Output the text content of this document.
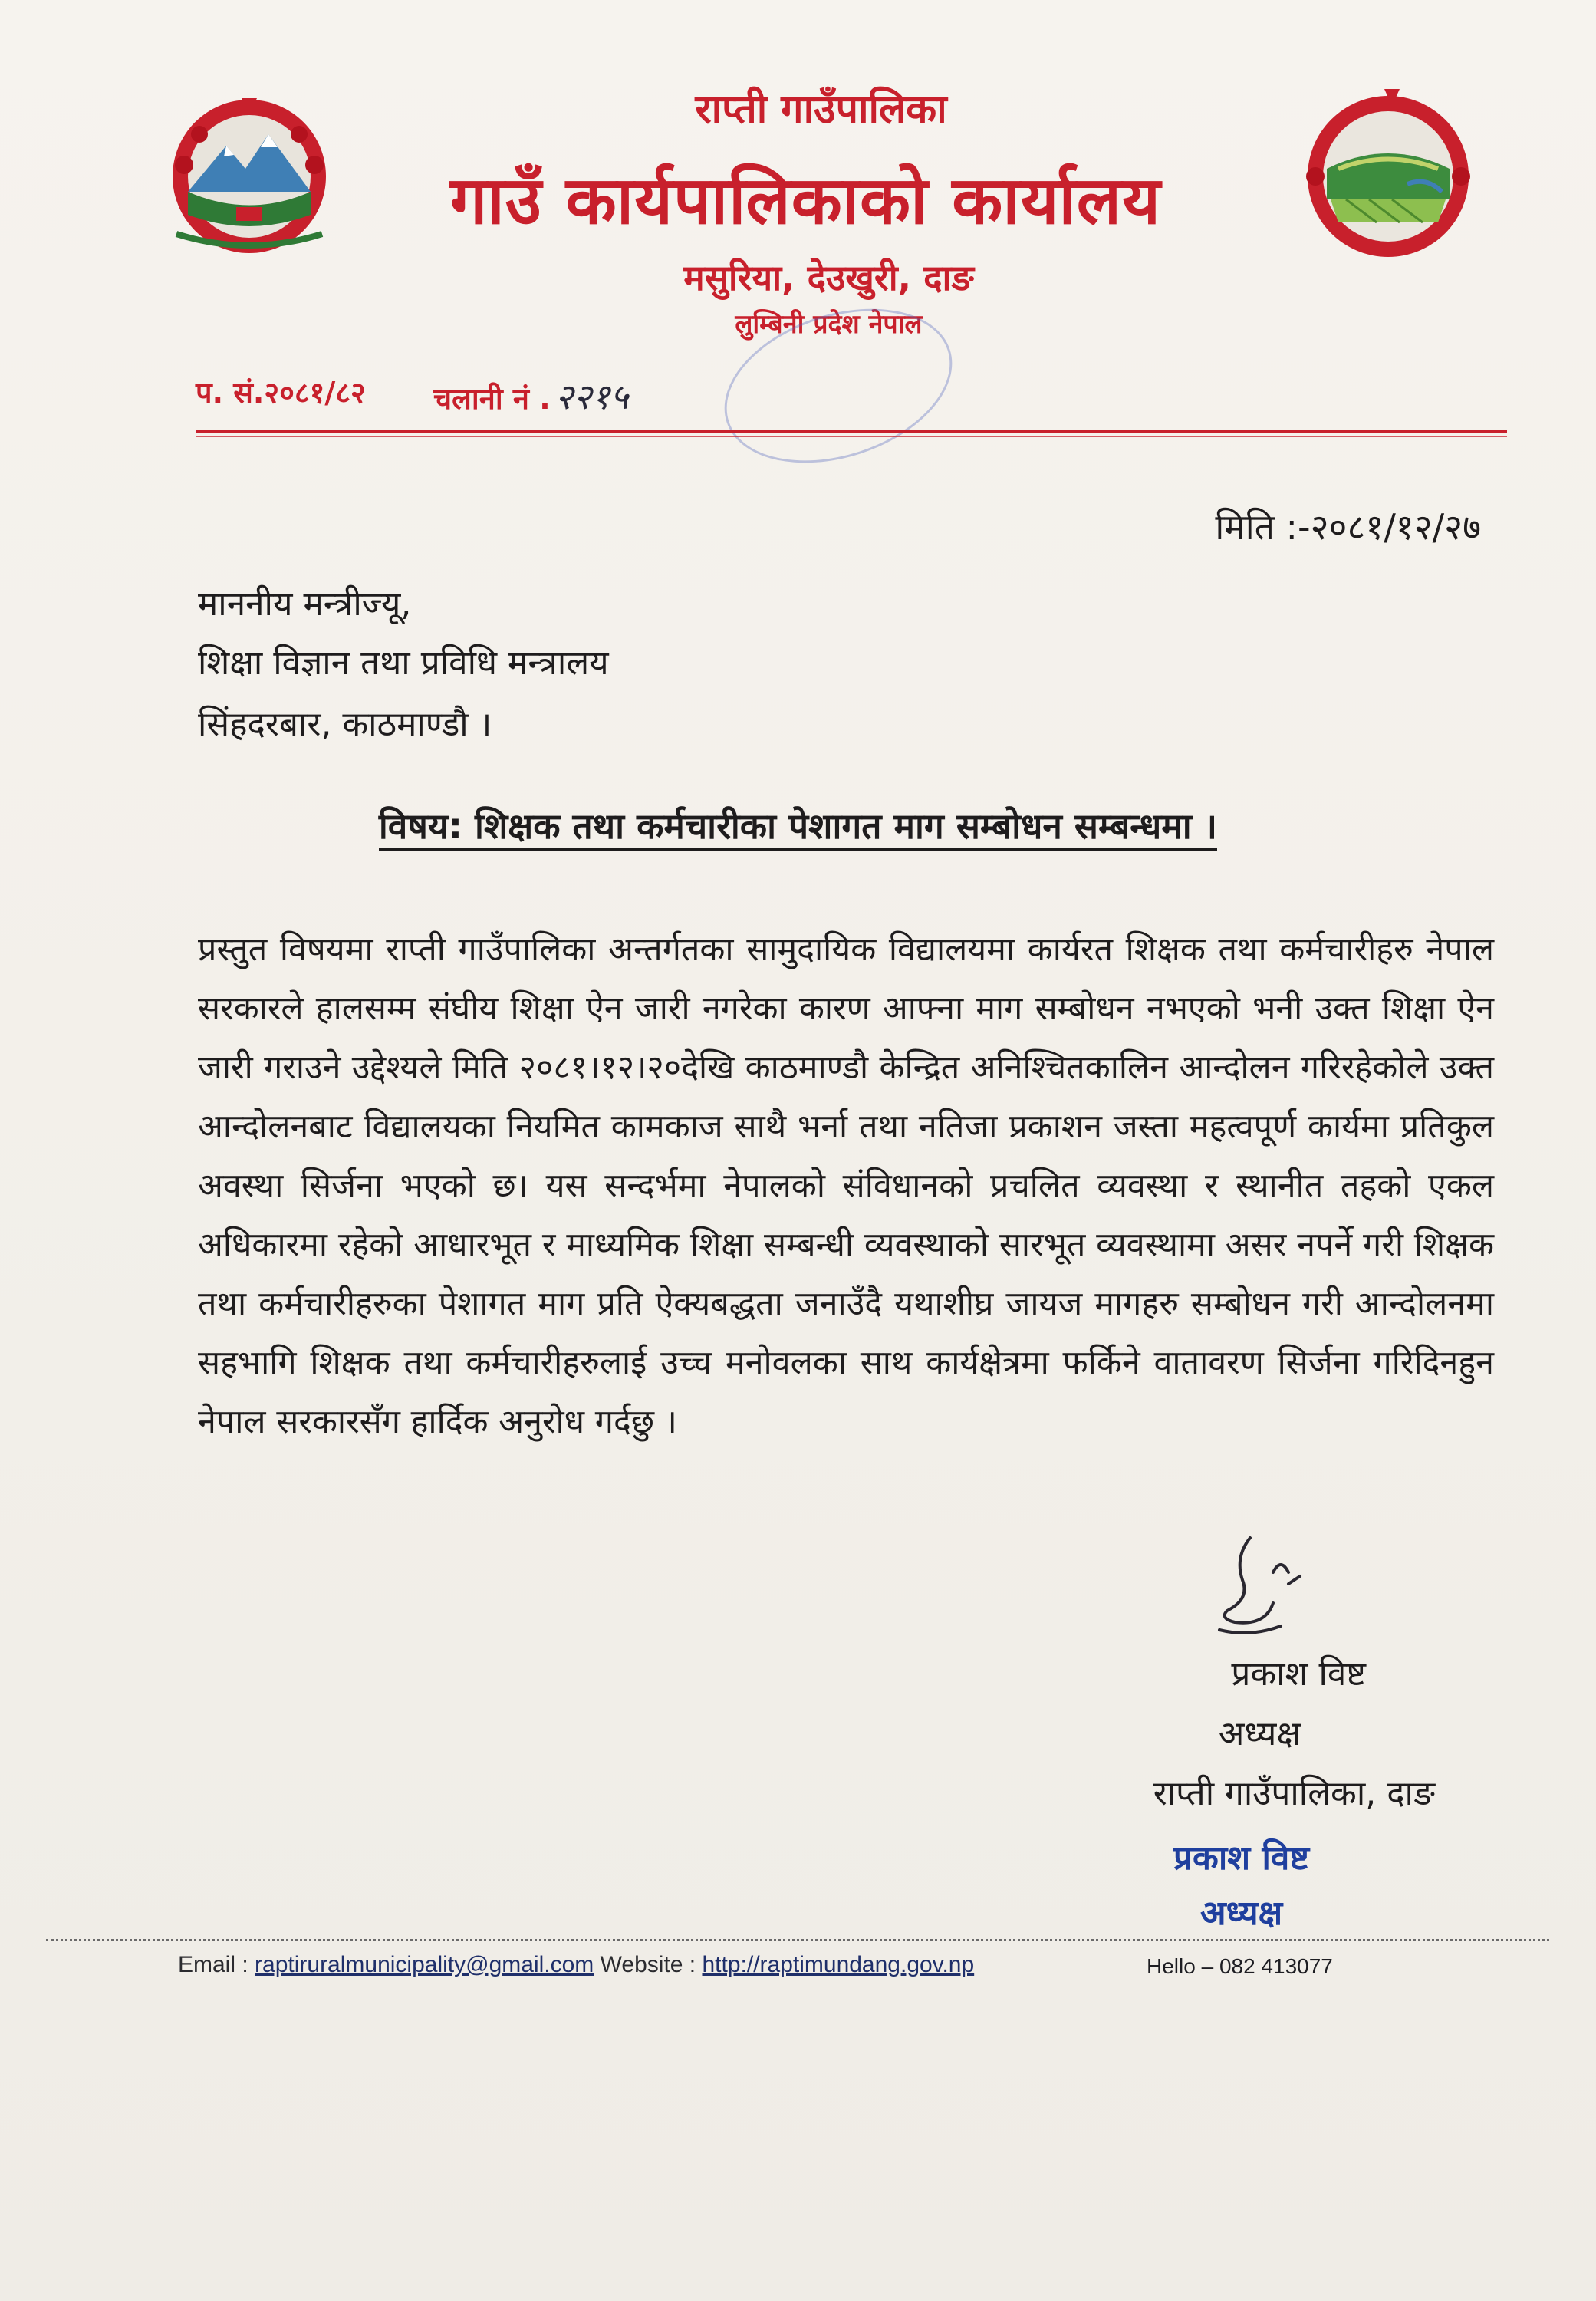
राप्ती गाउँपालिका
गाउँ कार्यपालिकाको कार्यालय
मसुरिया, देउखुरी, दाङ
लुम्बिनी प्रदेश नेपाल

प. सं.२०८१/८२ चलानी नं . २२१५
मिति :-२०८१/१२/२७
माननीय मन्त्रीज्यू,
शिक्षा विज्ञान तथा प्रविधि मन्त्रालय
सिंहदरबार, काठमाण्डौ ।
विषय: शिक्षक तथा कर्मचारीका पेशागत माग सम्बोधन सम्बन्धमा ।
प्रस्तुत विषयमा राप्ती गाउँपालिका अन्तर्गतका सामुदायिक विद्यालयमा कार्यरत शिक्षक तथा कर्मचारीहरु नेपाल सरकारले हालसम्म संघीय शिक्षा ऐन जारी नगरेका कारण आफ्ना माग सम्बोधन नभएको भनी उक्त शिक्षा ऐन जारी गराउने उद्देश्यले मिति २०८१।१२।२०देखि काठमाण्डौ केन्द्रित अनिश्चितकालिन आन्दोलन गरिरहेकोले उक्त आन्दोलनबाट विद्यालयका नियमित कामकाज साथै भर्ना तथा नतिजा प्रकाशन जस्ता महत्वपूर्ण कार्यमा प्रतिकुल अवस्था सिर्जना भएको छ। यस सन्दर्भमा नेपालको संविधानको प्रचलित व्यवस्था र स्थानीत तहको एकल अधिकारमा रहेको आधारभूत र माध्यमिक शिक्षा सम्बन्धी व्यवस्थाको सारभूत व्यवस्थामा असर नपर्ने गरी शिक्षक तथा कर्मचारीहरुका पेशागत माग प्रति ऐक्यबद्धता जनाउँदै यथाशीघ्र जायज मागहरु सम्बोधन गरी आन्दोलनमा सहभागि शिक्षक तथा कर्मचारीहरुलाई उच्च मनोवलका साथ कार्यक्षेत्रमा फर्किने वातावरण सिर्जना गरिदिनहुन नेपाल सरकारसँग हार्दिक अनुरोध गर्दछु ।
प्रकाश विष्ट
अध्यक्ष
राप्ती गाउँपालिका, दाङ
प्रकाश विष्ट
अध्यक्ष
Email : raptiruralmunicipality@gmail.com Website : http://raptimundang.gov.np	Hello – 082 413077
